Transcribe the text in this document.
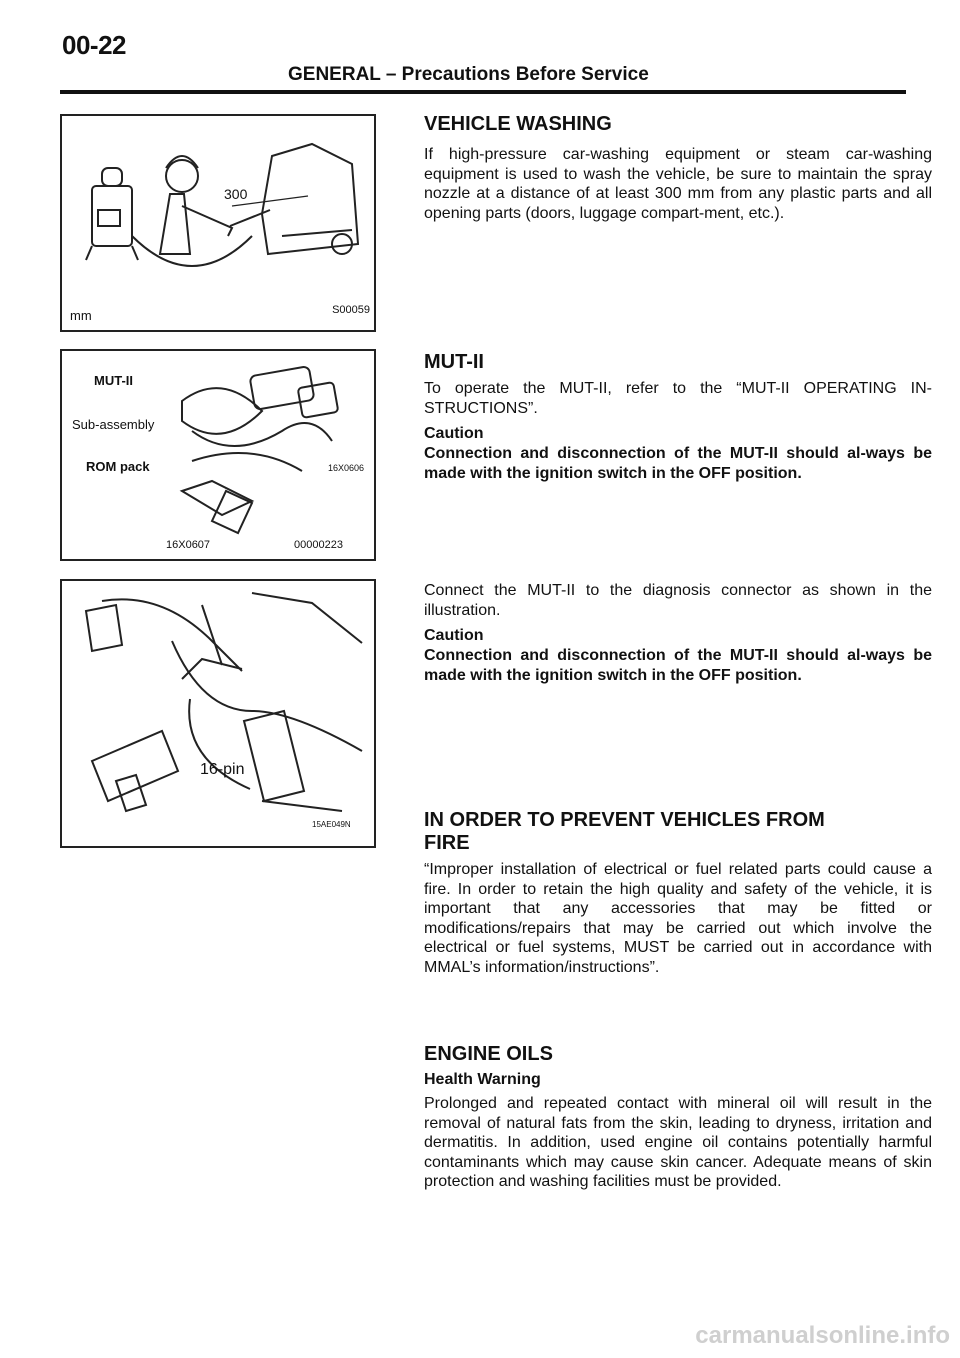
00-22
GENERAL – Precautions Before Service
300
mm	S00059
MUT-II
Sub-assembly
ROM pack	16X0606
16X0607	00000223
16-pin
15AE049N
VEHICLE WASHING
If high-pressure car-washing equipment or steam car-washing equipment is used to wash the vehicle, be sure to maintain the spray nozzle at a distance of at least 300 mm from any plastic parts and all opening parts (doors, luggage compart-ment, etc.).
MUT-II
To operate the MUT-II, refer to the “MUT-II OPERATING IN-STRUCTIONS”.
Caution
Connection and disconnection of the MUT-II should al-ways be made with the ignition switch in the OFF position.
Connect the MUT-II to the diagnosis connector as shown in the illustration.
Caution
Connection and disconnection of the MUT-II should al-ways be made with the ignition switch in the OFF position.
IN ORDER TO PREVENT VEHICLES FROM
FIRE
“Improper installation of electrical or fuel related parts could cause a fire. In order to retain the high quality and safety of the vehicle, it is important that any accessories that may be fitted or modifications/repairs that may be carried out which involve the electrical or fuel systems, MUST be carried out in accordance with MMAL’s information/instructions”.
ENGINE OILS
Health Warning
Prolonged and repeated contact with mineral oil will result in the removal of natural fats from the skin, leading to dryness, irritation and dermatitis. In addition, used engine oil contains potentially harmful contaminants which may cause skin cancer. Adequate means of skin protection and washing facilities must be provided.
carmanualsonline.info
